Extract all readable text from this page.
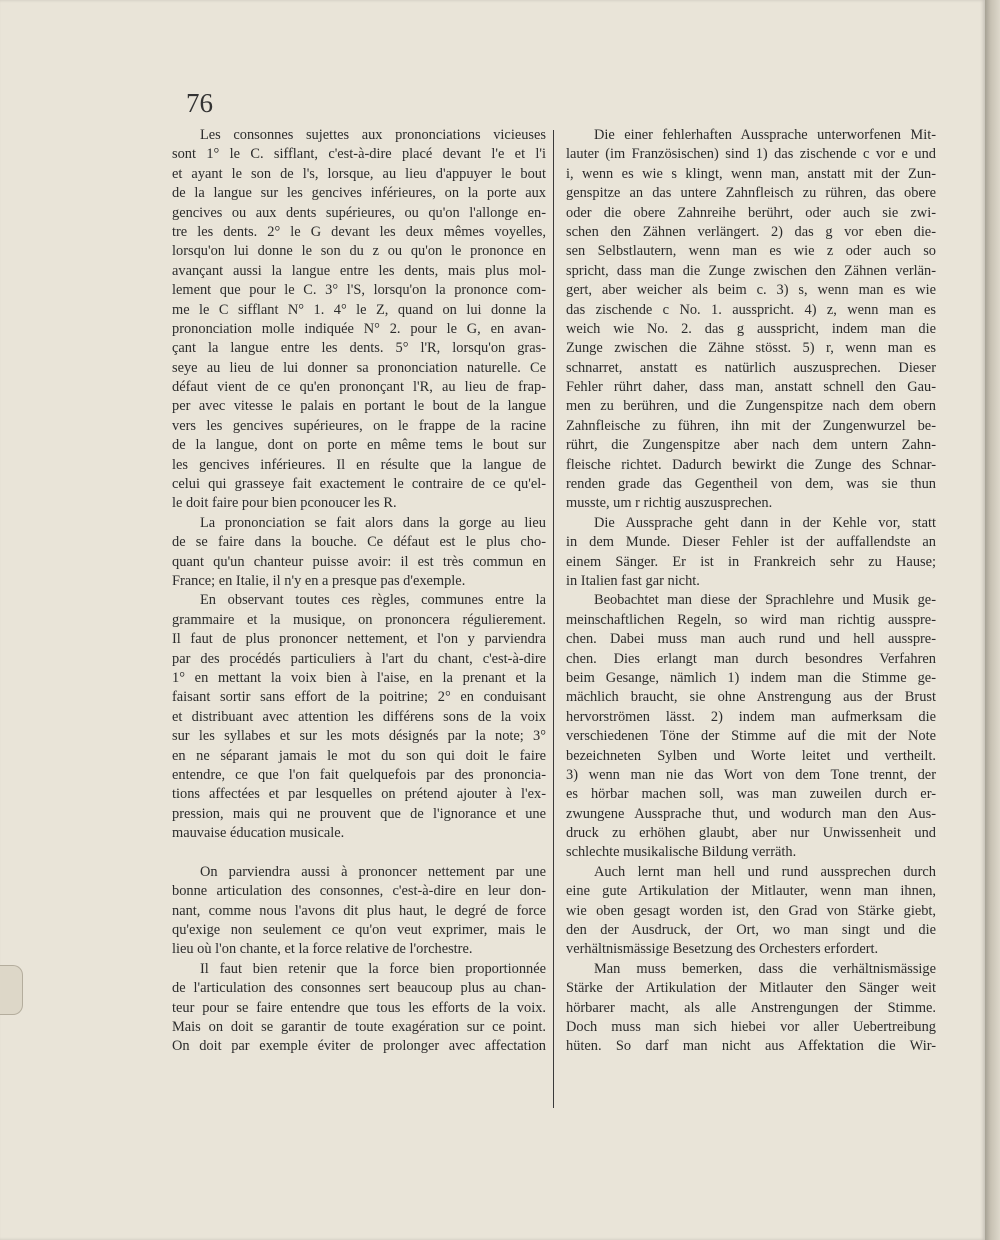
76
Les consonnes sujettes aux prononciations vicieuses
sont 1° le C. sifflant, c'est-à-dire placé devant l'e et l'i
et ayant le son de l's, lorsque, au lieu d'appuyer le bout
de la langue sur les gencives inférieures, on la porte aux
gencives ou aux dents supérieures, ou qu'on l'allonge en-
tre les dents. 2° le G devant les deux mêmes voyelles,
lorsqu'on lui donne le son du z ou qu'on le prononce en
avançant aussi la langue entre les dents, mais plus mol-
lement que pour le C. 3° l'S, lorsqu'on la prononce com-
me le C sifflant N° 1. 4° le Z, quand on lui donne la
prononciation molle indiquée N° 2. pour le G, en avan-
çant la langue entre les dents. 5° l'R, lorsqu'on gras-
seye au lieu de lui donner sa prononciation naturelle. Ce
défaut vient de ce qu'en prononçant l'R, au lieu de frap-
per avec vitesse le palais en portant le bout de la langue
vers les gencives supérieures, on le frappe de la racine
de la langue, dont on porte en même tems le bout sur
les gencives inférieures. Il en résulte que la langue de
celui qui grasseye fait exactement le contraire de ce qu'el-
le doit faire pour bien pconoucer les R.
La prononciation se fait alors dans la gorge au lieu
de se faire dans la bouche. Ce défaut est le plus cho-
quant qu'un chanteur puisse avoir: il est très commun en
France; en Italie, il n'y en a presque pas d'exemple.
En observant toutes ces règles, communes entre la
grammaire et la musique, on prononcera régulierement.
Il faut de plus prononcer nettement, et l'on y parviendra
par des procédés particuliers à l'art du chant, c'est-à-dire
1° en mettant la voix bien à l'aise, en la prenant et la
faisant sortir sans effort de la poitrine; 2° en conduisant
et distribuant avec attention les différens sons de la voix
sur les syllabes et sur les mots désignés par la note; 3°
en ne séparant jamais le mot du son qui doit le faire
entendre, ce que l'on fait quelquefois par des prononcia-
tions affectées et par lesquelles on prétend ajouter à l'ex-
pression, mais qui ne prouvent que de l'ignorance et une
mauvaise éducation musicale.
On parviendra aussi à prononcer nettement par une
bonne articulation des consonnes, c'est-à-dire en leur don-
nant, comme nous l'avons dit plus haut, le degré de force
qu'exige non seulement ce qu'on veut exprimer, mais le
lieu où l'on chante, et la force relative de l'orchestre.
Il faut bien retenir que la force bien proportionnée
de l'articulation des consonnes sert beaucoup plus au chan-
teur pour se faire entendre que tous les efforts de la voix.
Mais on doit se garantir de toute exagération sur ce point.
On doit par exemple éviter de prolonger avec affectation
Die einer fehlerhaften Aussprache unterworfenen Mit-
lauter (im Französischen) sind 1) das zischende c vor e und
i, wenn es wie s klingt, wenn man, anstatt mit der Zun-
genspitze an das untere Zahnfleisch zu rühren, das obere
oder die obere Zahnreihe berührt, oder auch sie zwi-
schen den Zähnen verlängert. 2) das g vor eben die-
sen Selbstlautern, wenn man es wie z oder auch so
spricht, dass man die Zunge zwischen den Zähnen verlän-
gert, aber weicher als beim c. 3) s, wenn man es wie
das zischende c No. 1. ausspricht. 4) z, wenn man es
weich wie No. 2. das g ausspricht, indem man die
Zunge zwischen die Zähne stösst. 5) r, wenn man es
schnarret, anstatt es natürlich auszusprechen. Dieser
Fehler rührt daher, dass man, anstatt schnell den Gau-
men zu berühren, und die Zungenspitze nach dem obern
Zahnfleische zu führen, ihn mit der Zungenwurzel be-
rührt, die Zungenspitze aber nach dem untern Zahn-
fleische richtet. Dadurch bewirkt die Zunge des Schnar-
renden grade das Gegentheil von dem, was sie thun
musste, um r richtig auszusprechen.
Die Aussprache geht dann in der Kehle vor, statt
in dem Munde. Dieser Fehler ist der auffallendste an
einem Sänger. Er ist in Frankreich sehr zu Hause;
in Italien fast gar nicht.
Beobachtet man diese der Sprachlehre und Musik ge-
meinschaftlichen Regeln, so wird man richtig ausspre-
chen. Dabei muss man auch rund und hell ausspre-
chen. Dies erlangt man durch besondres Verfahren
beim Gesange, nämlich 1) indem man die Stimme ge-
mächlich braucht, sie ohne Anstrengung aus der Brust
hervorströmen lässt. 2) indem man aufmerksam die
verschiedenen Töne der Stimme auf die mit der Note
bezeichneten Sylben und Worte leitet und vertheilt.
3) wenn man nie das Wort von dem Tone trennt, der
es hörbar machen soll, was man zuweilen durch er-
zwungene Aussprache thut, und wodurch man den Aus-
druck zu erhöhen glaubt, aber nur Unwissenheit und
schlechte musikalische Bildung verräth.
Auch lernt man hell und rund aussprechen durch
eine gute Artikulation der Mitlauter, wenn man ihnen,
wie oben gesagt worden ist, den Grad von Stärke giebt,
den der Ausdruck, der Ort, wo man singt und die
verhältnismässige Besetzung des Orchesters erfordert.
Man muss bemerken, dass die verhältnismässige
Stärke der Artikulation der Mitlauter den Sänger weit
hörbarer macht, als alle Anstrengungen der Stimme.
Doch muss man sich hiebei vor aller Uebertreibung
hüten. So darf man nicht aus Affektation die Wir-
